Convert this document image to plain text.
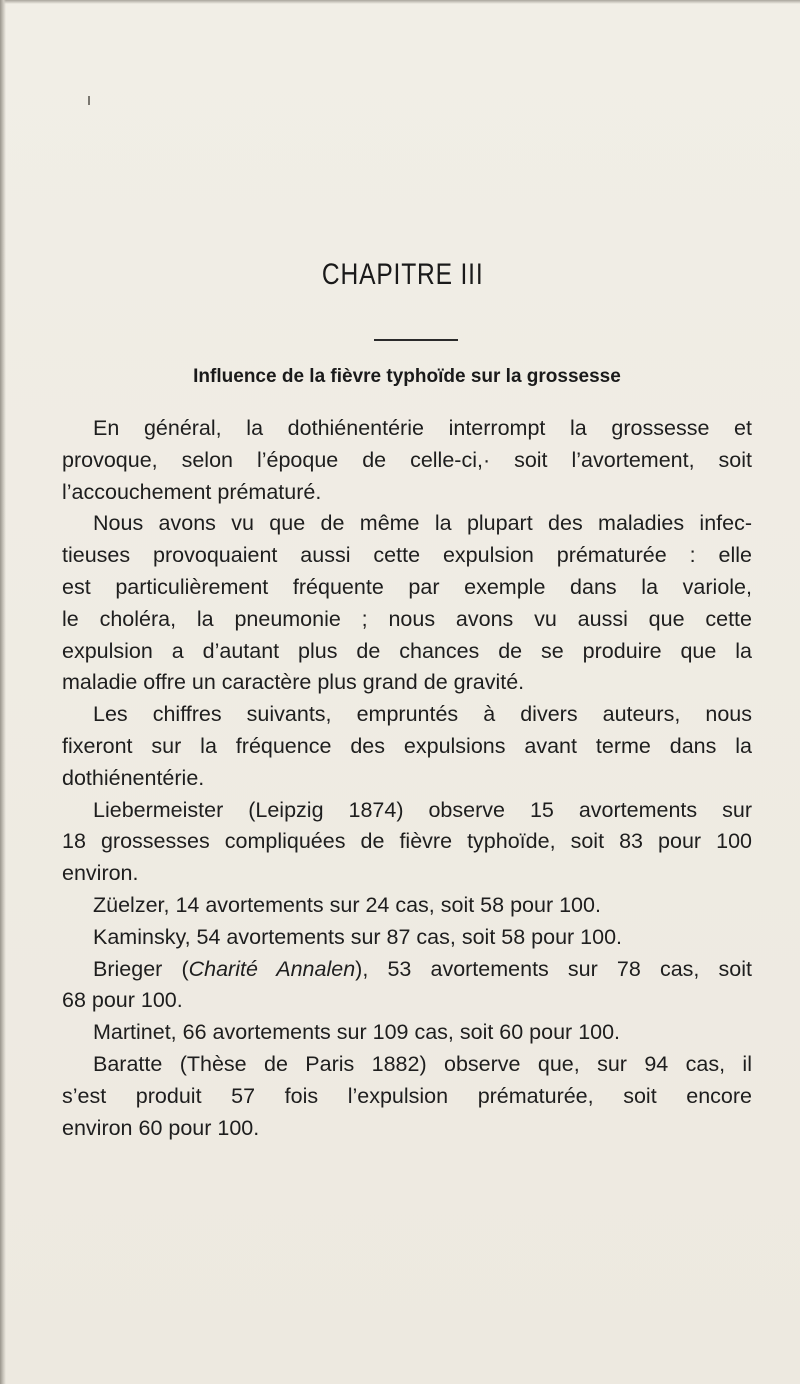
CHAPITRE III
Influence de la fièvre typhoïde sur la grossesse
En général, la dothiénentérie interrompt la grossesse et
provoque, selon l’époque de celle-ci,· soit l’avortement, soit
l’accouchement prématuré.
Nous avons vu que de même la plupart des maladies infec-
tieuses provoquaient aussi cette expulsion prématurée : elle
est particulièrement fréquente par exemple dans la variole,
le choléra, la pneumonie ; nous avons vu aussi que cette
expulsion a d’autant plus de chances de se produire que la
maladie offre un caractère plus grand de gravité.
Les chiffres suivants, empruntés à divers auteurs, nous
fixeront sur la fréquence des expulsions avant terme dans la
dothiénentérie.
Liebermeister (Leipzig 1874) observe 15 avortements sur
18 grossesses compliquées de fièvre typhoïde, soit 83 pour 100
environ.
Züelzer, 14 avortements sur 24 cas, soit 58 pour 100.
Kaminsky, 54 avortements sur 87 cas, soit 58 pour 100.
Brieger (Charité Annalen), 53 avortements sur 78 cas, soit
68 pour 100.
Martinet, 66 avortements sur 109 cas, soit 60 pour 100.
Baratte (Thèse de Paris 1882) observe que, sur 94 cas, il
s’est produit 57 fois l’expulsion prématurée, soit encore
environ 60 pour 100.
